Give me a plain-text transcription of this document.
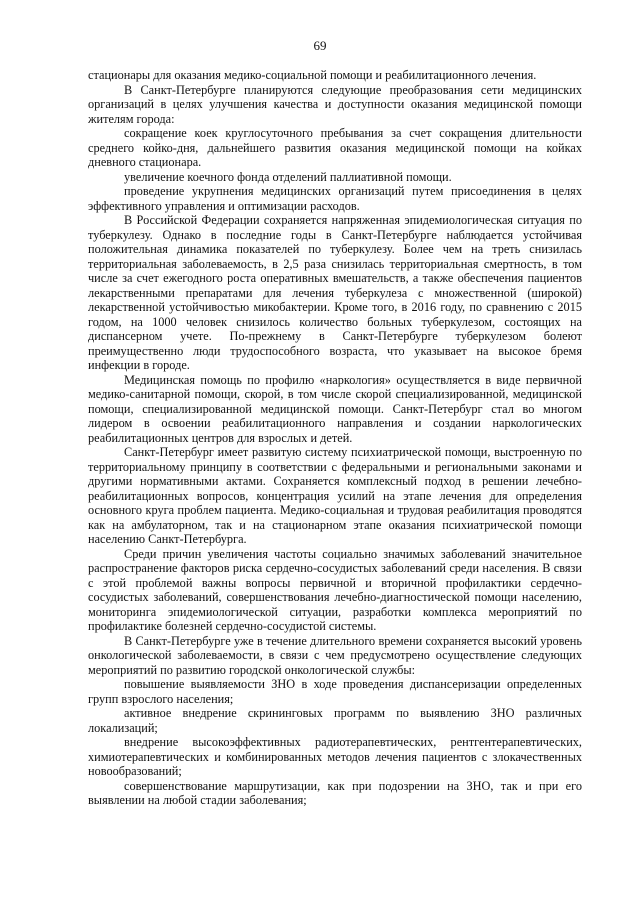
69

стационары для оказания медико-социальной помощи и реабилитационного лечения.

В Санкт-Петербурге планируются следующие преобразования сети медицинских организаций в целях улучшения качества и доступности оказания медицинской помощи жителям города:

сокращение коек круглосуточного пребывания за счет сокращения длительности среднего койко-дня, дальнейшего развития оказания медицинской помощи на койках дневного стационара.

увеличение коечного фонда отделений паллиативной помощи.

проведение укрупнения медицинских организаций путем присоединения в целях эффективного управления и оптимизации расходов.

В Российской Федерации сохраняется напряженная эпидемиологическая ситуация по туберкулезу. Однако в последние годы в Санкт-Петербурге наблюдается устойчивая положительная динамика показателей по туберкулезу. Более чем на треть снизилась территориальная заболеваемость, в 2,5 раза снизилась территориальная смертность, в том числе за счет ежегодного роста оперативных вмешательств, а также обеспечения пациентов лекарственными препаратами для лечения туберкулеза с множественной (широкой) лекарственной устойчивостью микобактерии. Кроме того, в 2016 году, по сравнению с 2015 годом, на 1000 человек снизилось количество больных туберкулезом, состоящих на диспансерном учете. По-прежнему в Санкт-Петербурге туберкулезом болеют преимущественно люди трудоспособного возраста, что указывает на высокое бремя инфекции в городе.

Медицинская помощь по профилю «наркология» осуществляется в виде первичной медико-санитарной помощи, скорой, в том числе скорой специализированной, медицинской помощи, специализированной медицинской помощи. Санкт-Петербург стал во многом лидером в освоении реабилитационного направления и создании наркологических реабилитационных центров для взрослых и детей.

Санкт-Петербург имеет развитую систему психиатрической помощи, выстроенную по территориальному принципу в соответствии с федеральными и региональными законами и другими нормативными актами. Сохраняется комплексный подход в решении лечебно-реабилитационных вопросов, концентрация усилий на этапе лечения для определения основного круга проблем пациента. Медико-социальная и трудовая реабилитация проводятся как на амбулаторном, так и на стационарном этапе оказания психиатрической помощи населению Санкт-Петербурга.

Среди причин увеличения частоты социально значимых заболеваний значительное распространение факторов риска сердечно-сосудистых заболеваний среди населения. В связи с этой проблемой важны вопросы первичной и вторичной профилактики сердечно-сосудистых заболеваний, совершенствования лечебно-диагностической помощи населению, мониторинга эпидемиологической ситуации, разработки комплекса мероприятий по профилактике болезней сердечно-сосудистой системы.

В Санкт-Петербурге уже в течение длительного времени сохраняется высокий уровень онкологической заболеваемости, в связи с чем предусмотрено осуществление следующих мероприятий по развитию городской онкологической службы:

повышение выявляемости ЗНО в ходе проведения диспансеризации определенных групп взрослого населения;

активное внедрение скрининговых программ по выявлению ЗНО различных локализаций;

внедрение высокоэффективных радиотерапевтических, рентгентерапевтических, химиотерапевтических и комбинированных методов лечения пациентов с злокачественных новообразований;

совершенствование маршрутизации, как при подозрении на ЗНО, так и при его выявлении на любой стадии заболевания;
